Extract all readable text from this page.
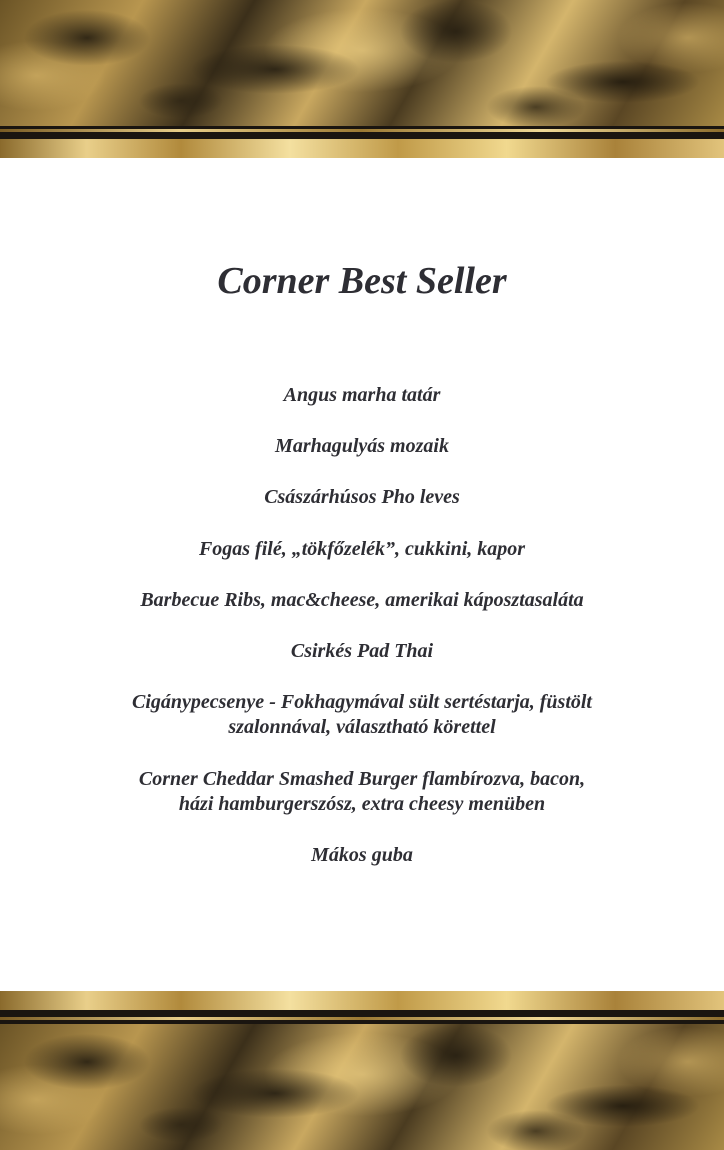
Corner Best Seller
Angus marha tatár
Marhagulyás mozaik
Császárhúsos Pho leves
Fogas filé, „tökfőzelék”, cukkini, kapor
Barbecue Ribs, mac&cheese, amerikai káposztasaláta
Csirkés Pad Thai
Cigánypecsenye - Fokhagymával sült sertéstarja, füstölt
szalonnával, választható körettel
Corner Cheddar Smashed Burger flambírozva, bacon,
házi hamburgerszósz, extra cheesy menüben
Mákos guba
